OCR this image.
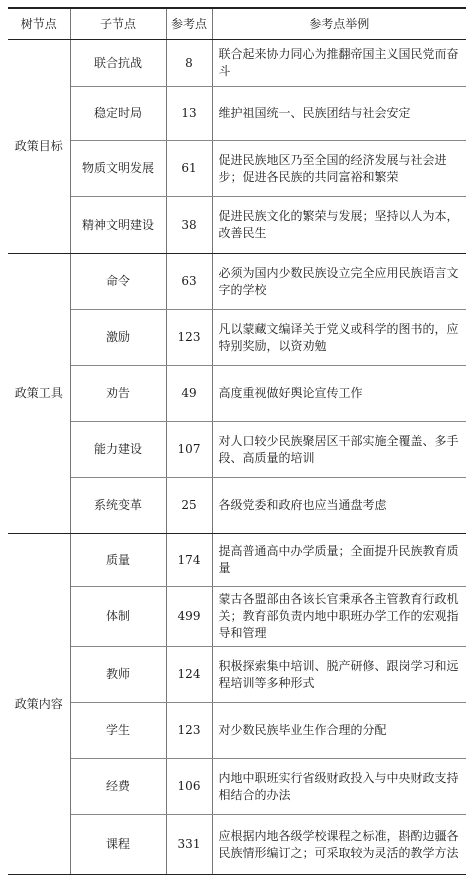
树节点	子节点	参考点	参考点举例
政策目标	联合抗战	8	联合起来协力同心为推翻帝国主义国民党而奋斗
	稳定时局	13	维护祖国统一、民族团结与社会安定
	物质文明发展	61	促进民族地区乃至全国的经济发展与社会进步；促进各民族的共同富裕和繁荣
	精神文明建设	38	促进民族文化的繁荣与发展；坚持以人为本，改善民生
政策工具	命令	63	必须为国内少数民族设立完全应用民族语言文字的学校
	激励	123	凡以蒙藏文编译关于党义或科学的图书的，应特别奖励，以资劝勉
	劝告	49	高度重视做好舆论宣传工作
	能力建设	107	对人口较少民族聚居区干部实施全覆盖、多手段、高质量的培训
	系统变革	25	各级党委和政府也应当通盘考虑
政策内容	质量	174	提高普通高中办学质量；全面提升民族教育质量
	体制	499	蒙古各盟部由各该长官秉承各主管教育行政机关；教育部负责内地中职班办学工作的宏观指导和管理
	教师	124	积极探索集中培训、脱产研修、跟岗学习和远程培训等多种形式
	学生	123	对少数民族毕业生作合理的分配
	经费	106	内地中职班实行省级财政投入与中央财政支持相结合的办法
	课程	331	应根据内地各级学校课程之标准，斟酌边疆各民族情形编订之；可采取较为灵活的教学方法
